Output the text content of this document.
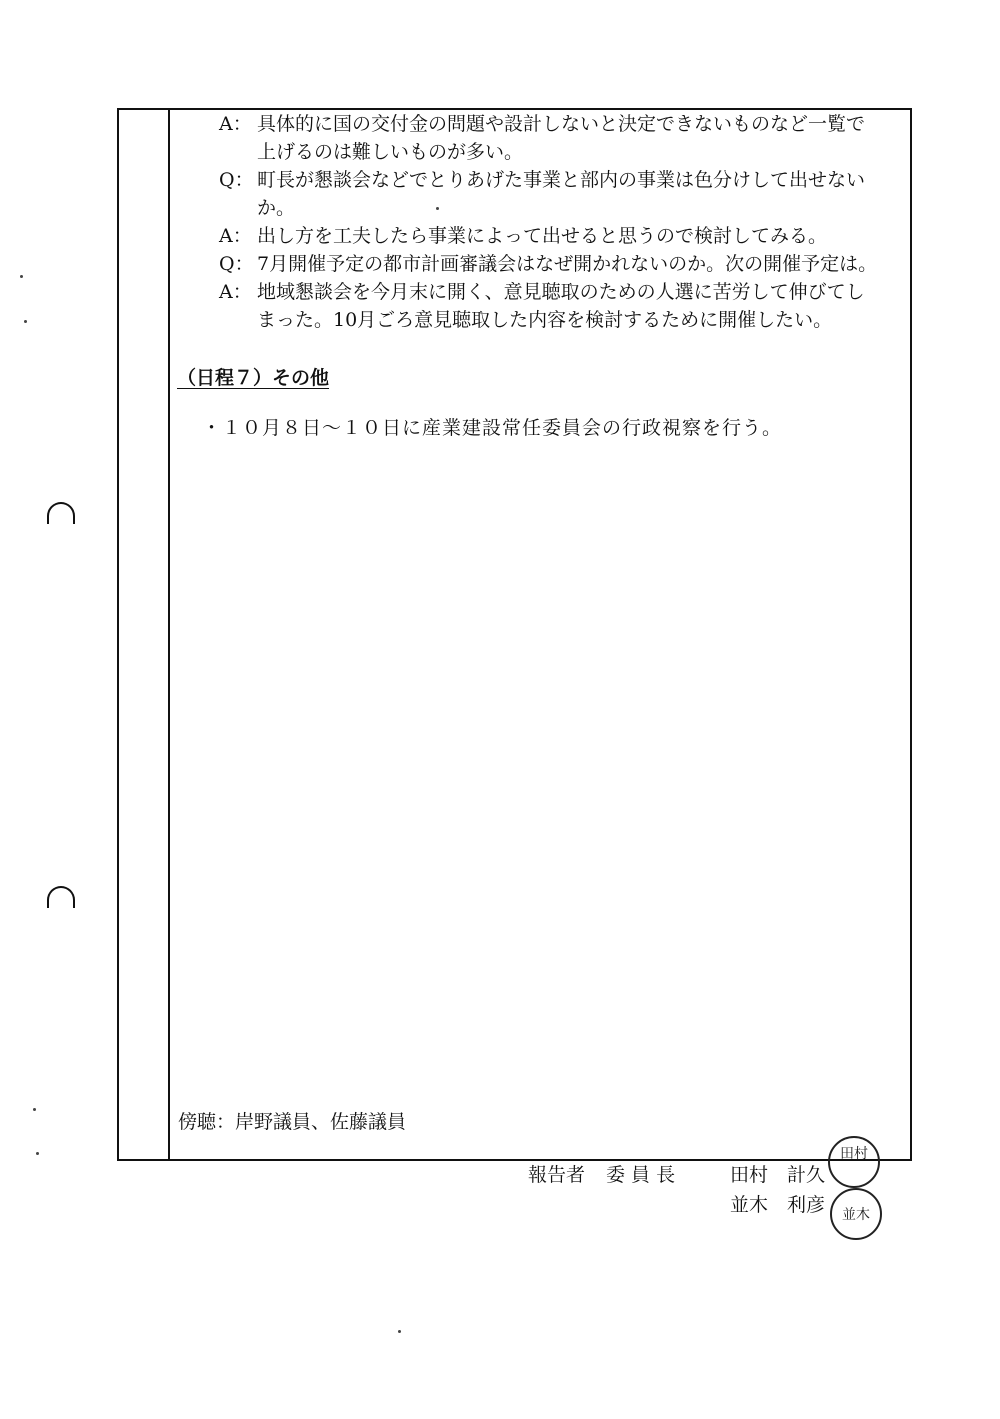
A： 具体的に国の交付金の問題や設計しないと決定できないものなど一覧で
上げるのは難しいものが多い。
Q： 町長が懇談会などでとりあげた事業と部内の事業は色分けして出せない
か。
A： 出し方を工夫したら事業によって出せると思うので検討してみる。
Q： 7月開催予定の都市計画審議会はなぜ開かれないのか。次の開催予定は。
A： 地域懇談会を今月末に開く、意見聴取のための人選に苦労して伸びてし
まった。10月ごろ意見聴取した内容を検討するために開催したい。
（日程７）その他
・１０月８日～１０日に産業建設常任委員会の行政視察を行う。
傍聴：岸野議員、佐藤議員
報告者 委 員 長	田村　計久
並木　利彦
田村
並木
